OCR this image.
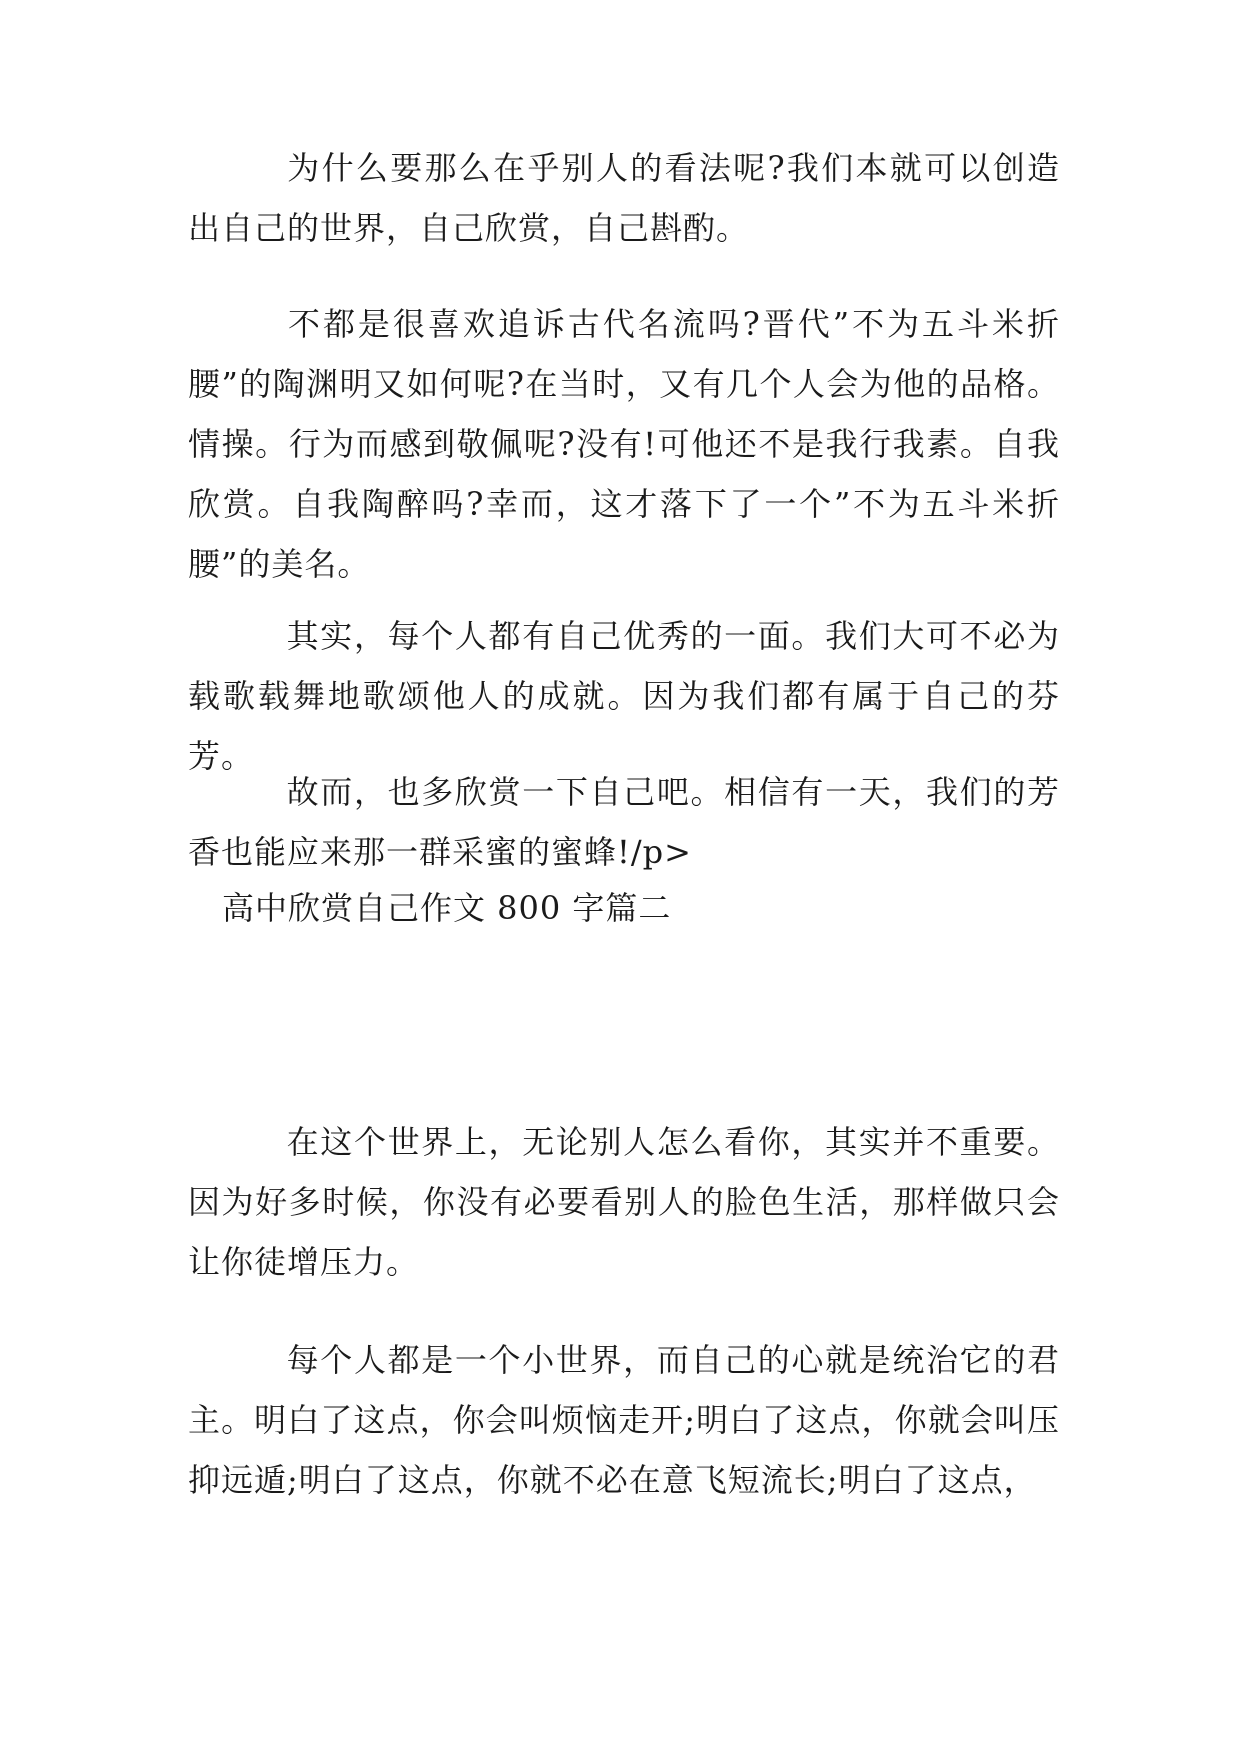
为什么要那么在乎别人的看法呢?我们本就可以创造出自己的世界，自己欣赏，自己斟酌。

不都是很喜欢追诉古代名流吗?晋代”不为五斗米折腰”的陶渊明又如何呢?在当时，又有几个人会为他的品格。情操。行为而感到敬佩呢?没有!可他还不是我行我素。自我欣赏。自我陶醉吗?幸而，这才落下了一个”不为五斗米折腰”的美名。

其实，每个人都有自己优秀的一面。我们大可不必为载歌载舞地歌颂他人的成就。因为我们都有属于自己的芬芳。

故而，也多欣赏一下自己吧。相信有一天，我们的芳香也能应来那一群采蜜的蜜蜂!/p>

高中欣赏自己作文 800 字篇二

在这个世界上，无论别人怎么看你，其实并不重要。因为好多时候，你没有必要看别人的脸色生活，那样做只会让你徒增压力。

每个人都是一个小世界，而自己的心就是统治它的君主。明白了这点，你会叫烦恼走开;明白了这点，你就会叫压抑远遁;明白了这点，你就不必在意飞短流长;明白了这点，
